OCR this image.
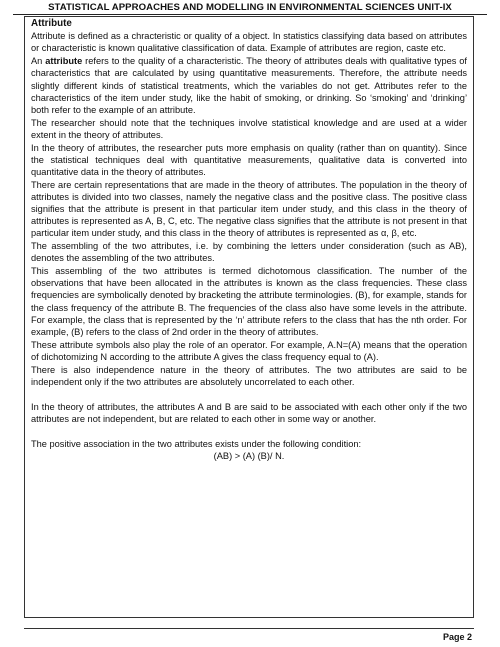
STATISTICAL APPROACHES AND MODELLING IN ENVIRONMENTAL SCIENCES UNIT-IX
Attribute

Attribute is defined as a chracteristic or quality of a object. In statistics classifying data based on attributes or characteristic is known qualitative classification of data. Example of attributes are region, caste etc.

An attribute refers to the quality of a characteristic. The theory of attributes deals with qualitative types of characteristics that are calculated by using quantitative measurements. Therefore, the attribute needs slightly different kinds of statistical treatments, which the variables do not get. Attributes refer to the characteristics of the item under study, like the habit of smoking, or drinking. So ‘smoking’ and ‘drinking’ both refer to the example of an attribute.

The researcher should note that the techniques involve statistical knowledge and are used at a wider extent in the theory of attributes.

In the theory of attributes, the researcher puts more emphasis on quality (rather than on quantity). Since the statistical techniques deal with quantitative measurements, qualitative data is converted into quantitative data in the theory of attributes.

There are certain representations that are made in the theory of attributes. The population in the theory of attributes is divided into two classes, namely the negative class and the positive class. The positive class signifies that the attribute is present in that particular item under study, and this class in the theory of attributes is represented as A, B, C, etc. The negative class signifies that the attribute is not present in that particular item under study, and this class in the theory of attributes is represented as α, β, etc.

The assembling of the two attributes, i.e. by combining the letters under consideration (such as AB), denotes the assembling of the two attributes.

This assembling of the two attributes is termed dichotomous classification. The number of the observations that have been allocated in the attributes is known as the class frequencies. These class frequencies are symbolically denoted by bracketing the attribute terminologies. (B), for example, stands for the class frequency of the attribute B. The frequencies of the class also have some levels in the attribute. For example, the class that is represented by the ‘n’ attribute refers to the class that has the nth order. For example, (B) refers to the class of 2nd order in the theory of attributes.

These attribute symbols also play the role of an operator. For example, A.N=(A) means that the operation of dichotomizing N according to the attribute A gives the class frequency equal to (A).

There is also independence nature in the theory of attributes. The two attributes are said to be independent only if the two attributes are absolutely uncorrelated to each other.

In the theory of attributes, the attributes A and B are said to be associated with each other only if the two attributes are not independent, but are related to each other in some way or another.

The positive association in the two attributes exists under the following condition:

(AB) > (A) (B)/ N.

Page 2
